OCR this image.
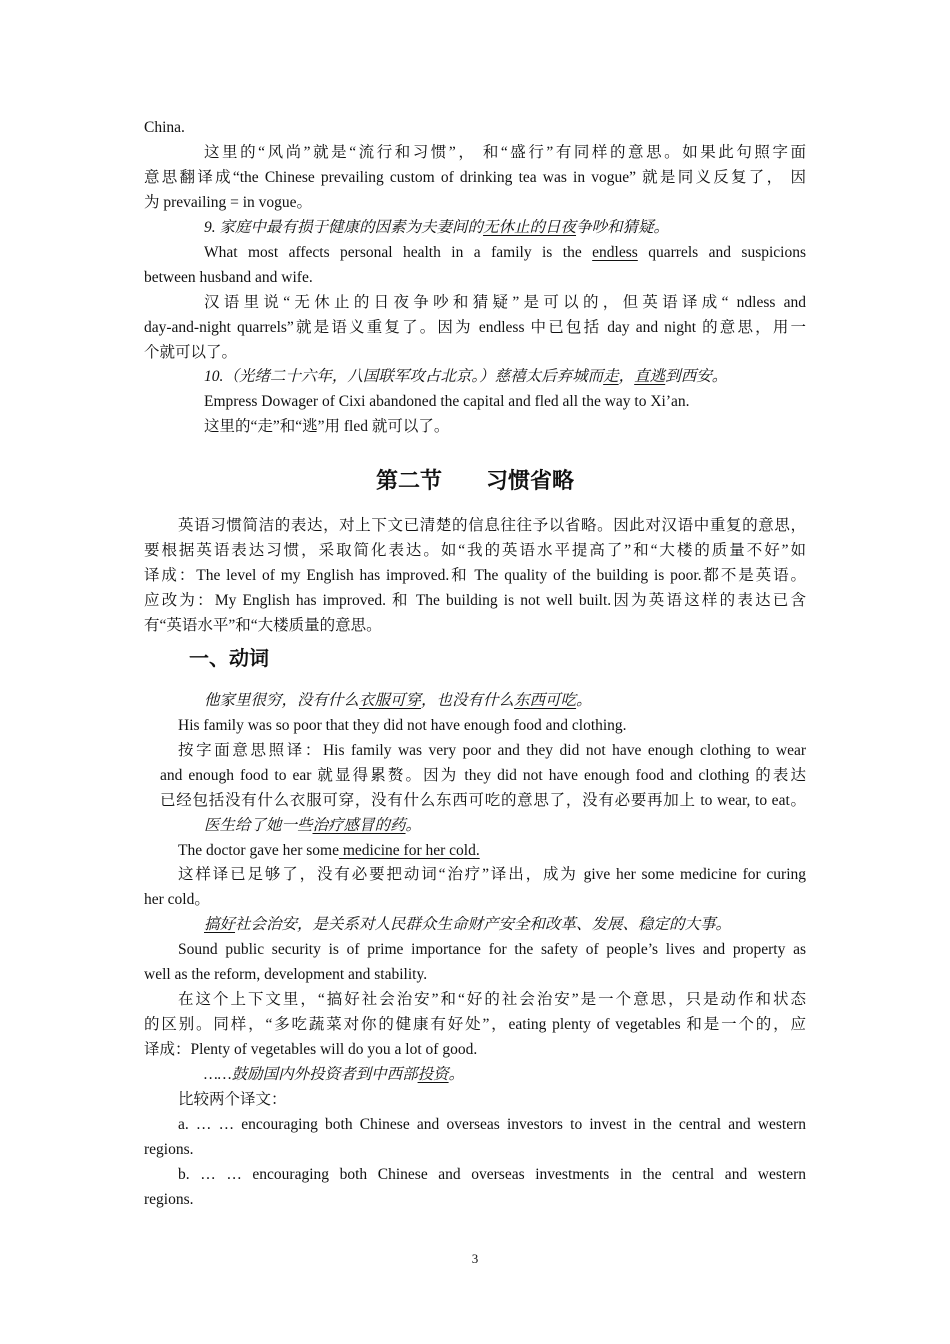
China.

这里的“风尚”就是“流行和习惯”， 和“盛行”有同样的意思。如果此句照字面

意思翻译成“the Chinese prevailing custom of drinking tea was in vogue” 就是同义反复了， 因

为 prevailing = in vogue。

9. 家庭中最有损于健康的因素为夫妻间的无休止的日夜争吵和猜疑。

What most affects personal health in a family is the endless quarrels and suspicions

between husband and wife.

汉语里说“无休止的日夜争吵和猜疑”是可以的，但英语译成“ ndless and

day-and-night quarrels”就是语义重复了。因为 endless 中已包括 day and night 的意思，用一

个就可以了。

10.（光绪二十六年，八国联军攻占北京。）慈禧太后弃城而走，直逃到西安。

Empress Dowager of Cixi abandoned the capital and fled all the way to Xi’an.

这里的“走”和“逃”用 fled 就可以了。

第二节        习惯省略

英语习惯简洁的表达，对上下文已清楚的信息往往予以省略。因此对汉语中重复的意思，

要根据英语表达习惯，采取简化表达。如“我的英语水平提高了”和“大楼的质量不好”如

译成：The level of my English has improved.和 The quality of the building is poor.都不是英语。

应改为：My English has improved. 和 The building is not well built.因为英语这样的表达已含

有“英语水平”和“大楼质量的意思。

一、动词

他家里很穷，没有什么衣服可穿，也没有什么东西可吃。

His family was so poor that they did not have enough food and clothing.

按字面意思照译：His family was very poor and they did not have enough clothing to wear

and enough food to ear 就显得累赘。因为 they did not have enough food and clothing 的表达

已经包括没有什么衣服可穿，没有什么东西可吃的意思了，没有必要再加上 to wear, to eat。

医生给了她一些治疗感冒的药。

The doctor gave her some medicine for her cold.

这样译已足够了，没有必要把动词“治疗”译出，成为 give her some medicine for curing

her cold。

搞好社会治安，是关系对人民群众生命财产安全和改革、发展、稳定的大事。

Sound public security is of prime importance for the safety of people’s lives and property as

well as the reform, development and stability.

在这个上下文里，“搞好社会治安”和“好的社会治安”是一个意思，只是动作和状态

的区别。同样，“多吃蔬菜对你的健康有好处”，eating plenty of vegetables 和是一个的，应

译成：Plenty of vegetables will do you a lot of good.

……鼓励国内外投资者到中西部投资。

比较两个译文：

a. … … encouraging both Chinese and overseas investors to invest in the central and western

regions.

b. … … encouraging both Chinese and overseas investments in the central and western

regions.

3
